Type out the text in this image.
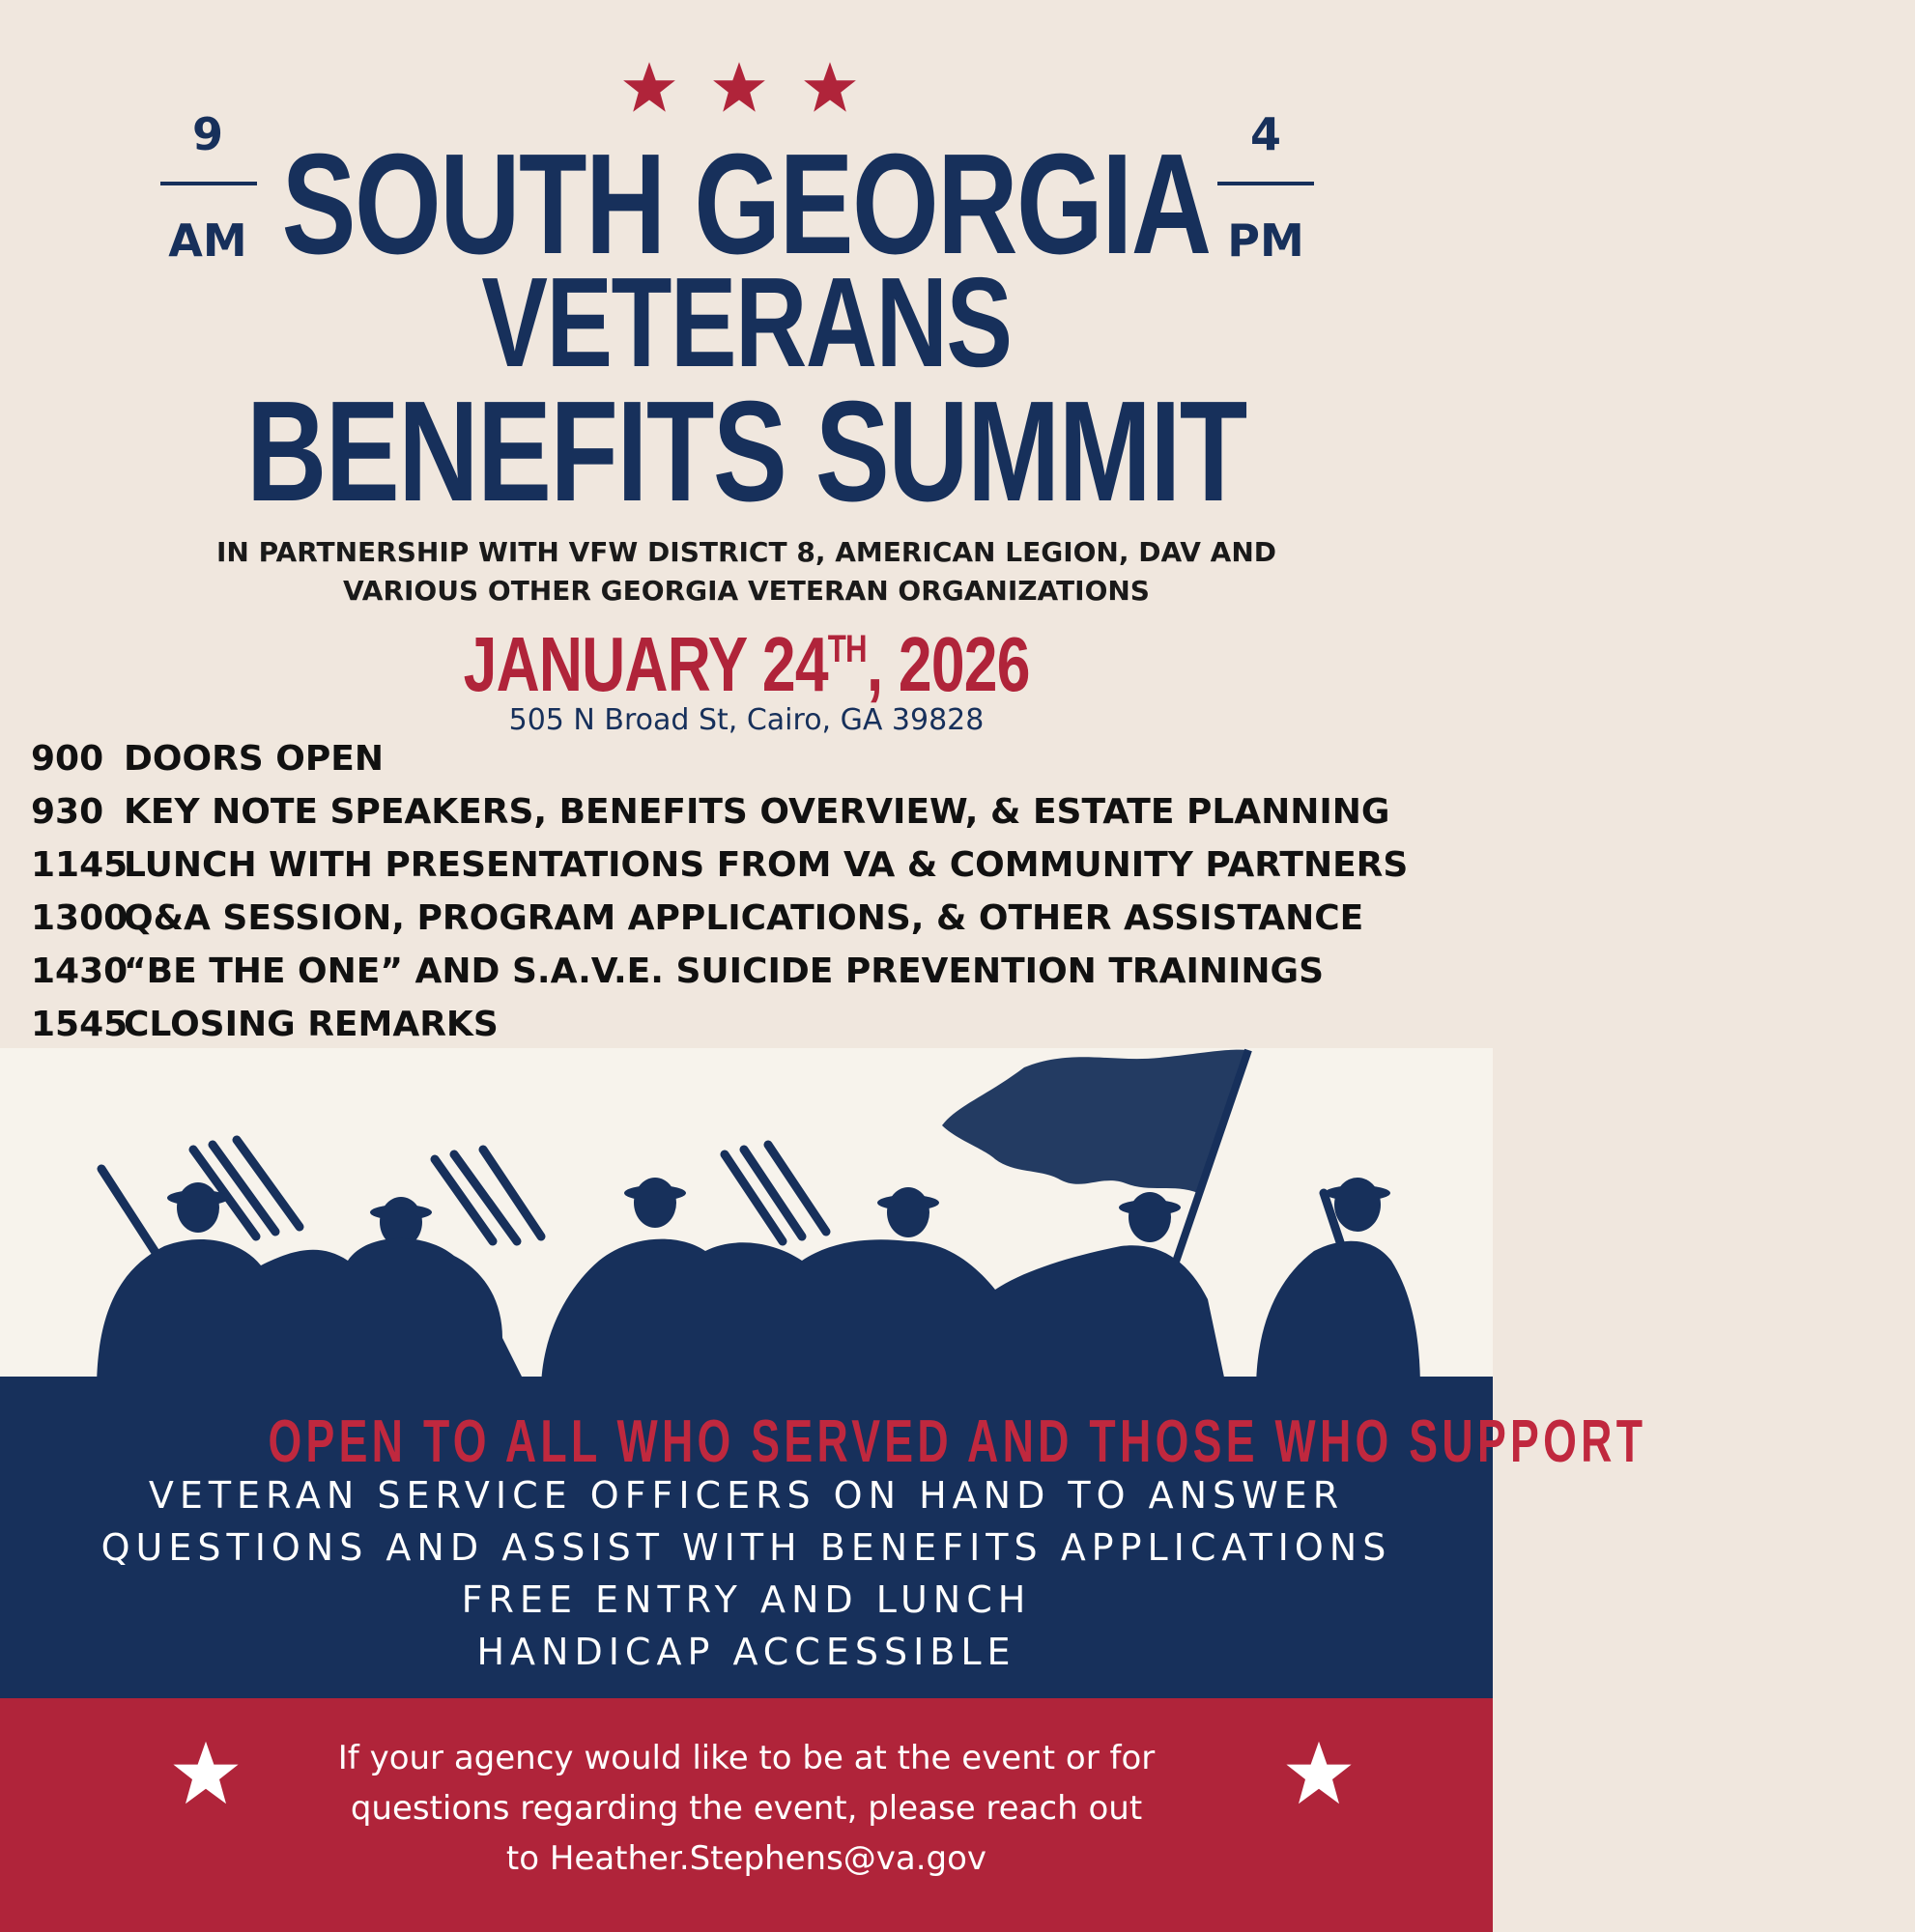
9
AM
4
PM
SOUTH GEORGIA
VETERANS
BENEFITS SUMMIT
IN PARTNERSHIP WITH VFW DISTRICT 8, AMERICAN LEGION, DAV AND
VARIOUS OTHER GEORGIA VETERAN ORGANIZATIONS
JANUARY 24TH, 2026
505 N Broad St, Cairo, GA 39828
900 DOORS OPEN
930 KEY NOTE SPEAKERS, BENEFITS OVERVIEW, & ESTATE PLANNING
1145LUNCH WITH PRESENTATIONS FROM VA & COMMUNITY PARTNERS
1300Q&A SESSION, PROGRAM APPLICATIONS, & OTHER ASSISTANCE
1430“BE THE ONE” AND S.A.V.E. SUICIDE PREVENTION TRAININGS
1545CLOSING REMARKS
OPEN TO ALL WHO SERVED AND THOSE WHO SUPPORT
VETERAN SERVICE OFFICERS ON HAND TO ANSWER
QUESTIONS AND ASSIST WITH BENEFITS APPLICATIONS
FREE ENTRY AND LUNCH
HANDICAP ACCESSIBLE
If your agency would like to be at the event or for
questions regarding the event, please reach out
to Heather.Stephens@va.gov
